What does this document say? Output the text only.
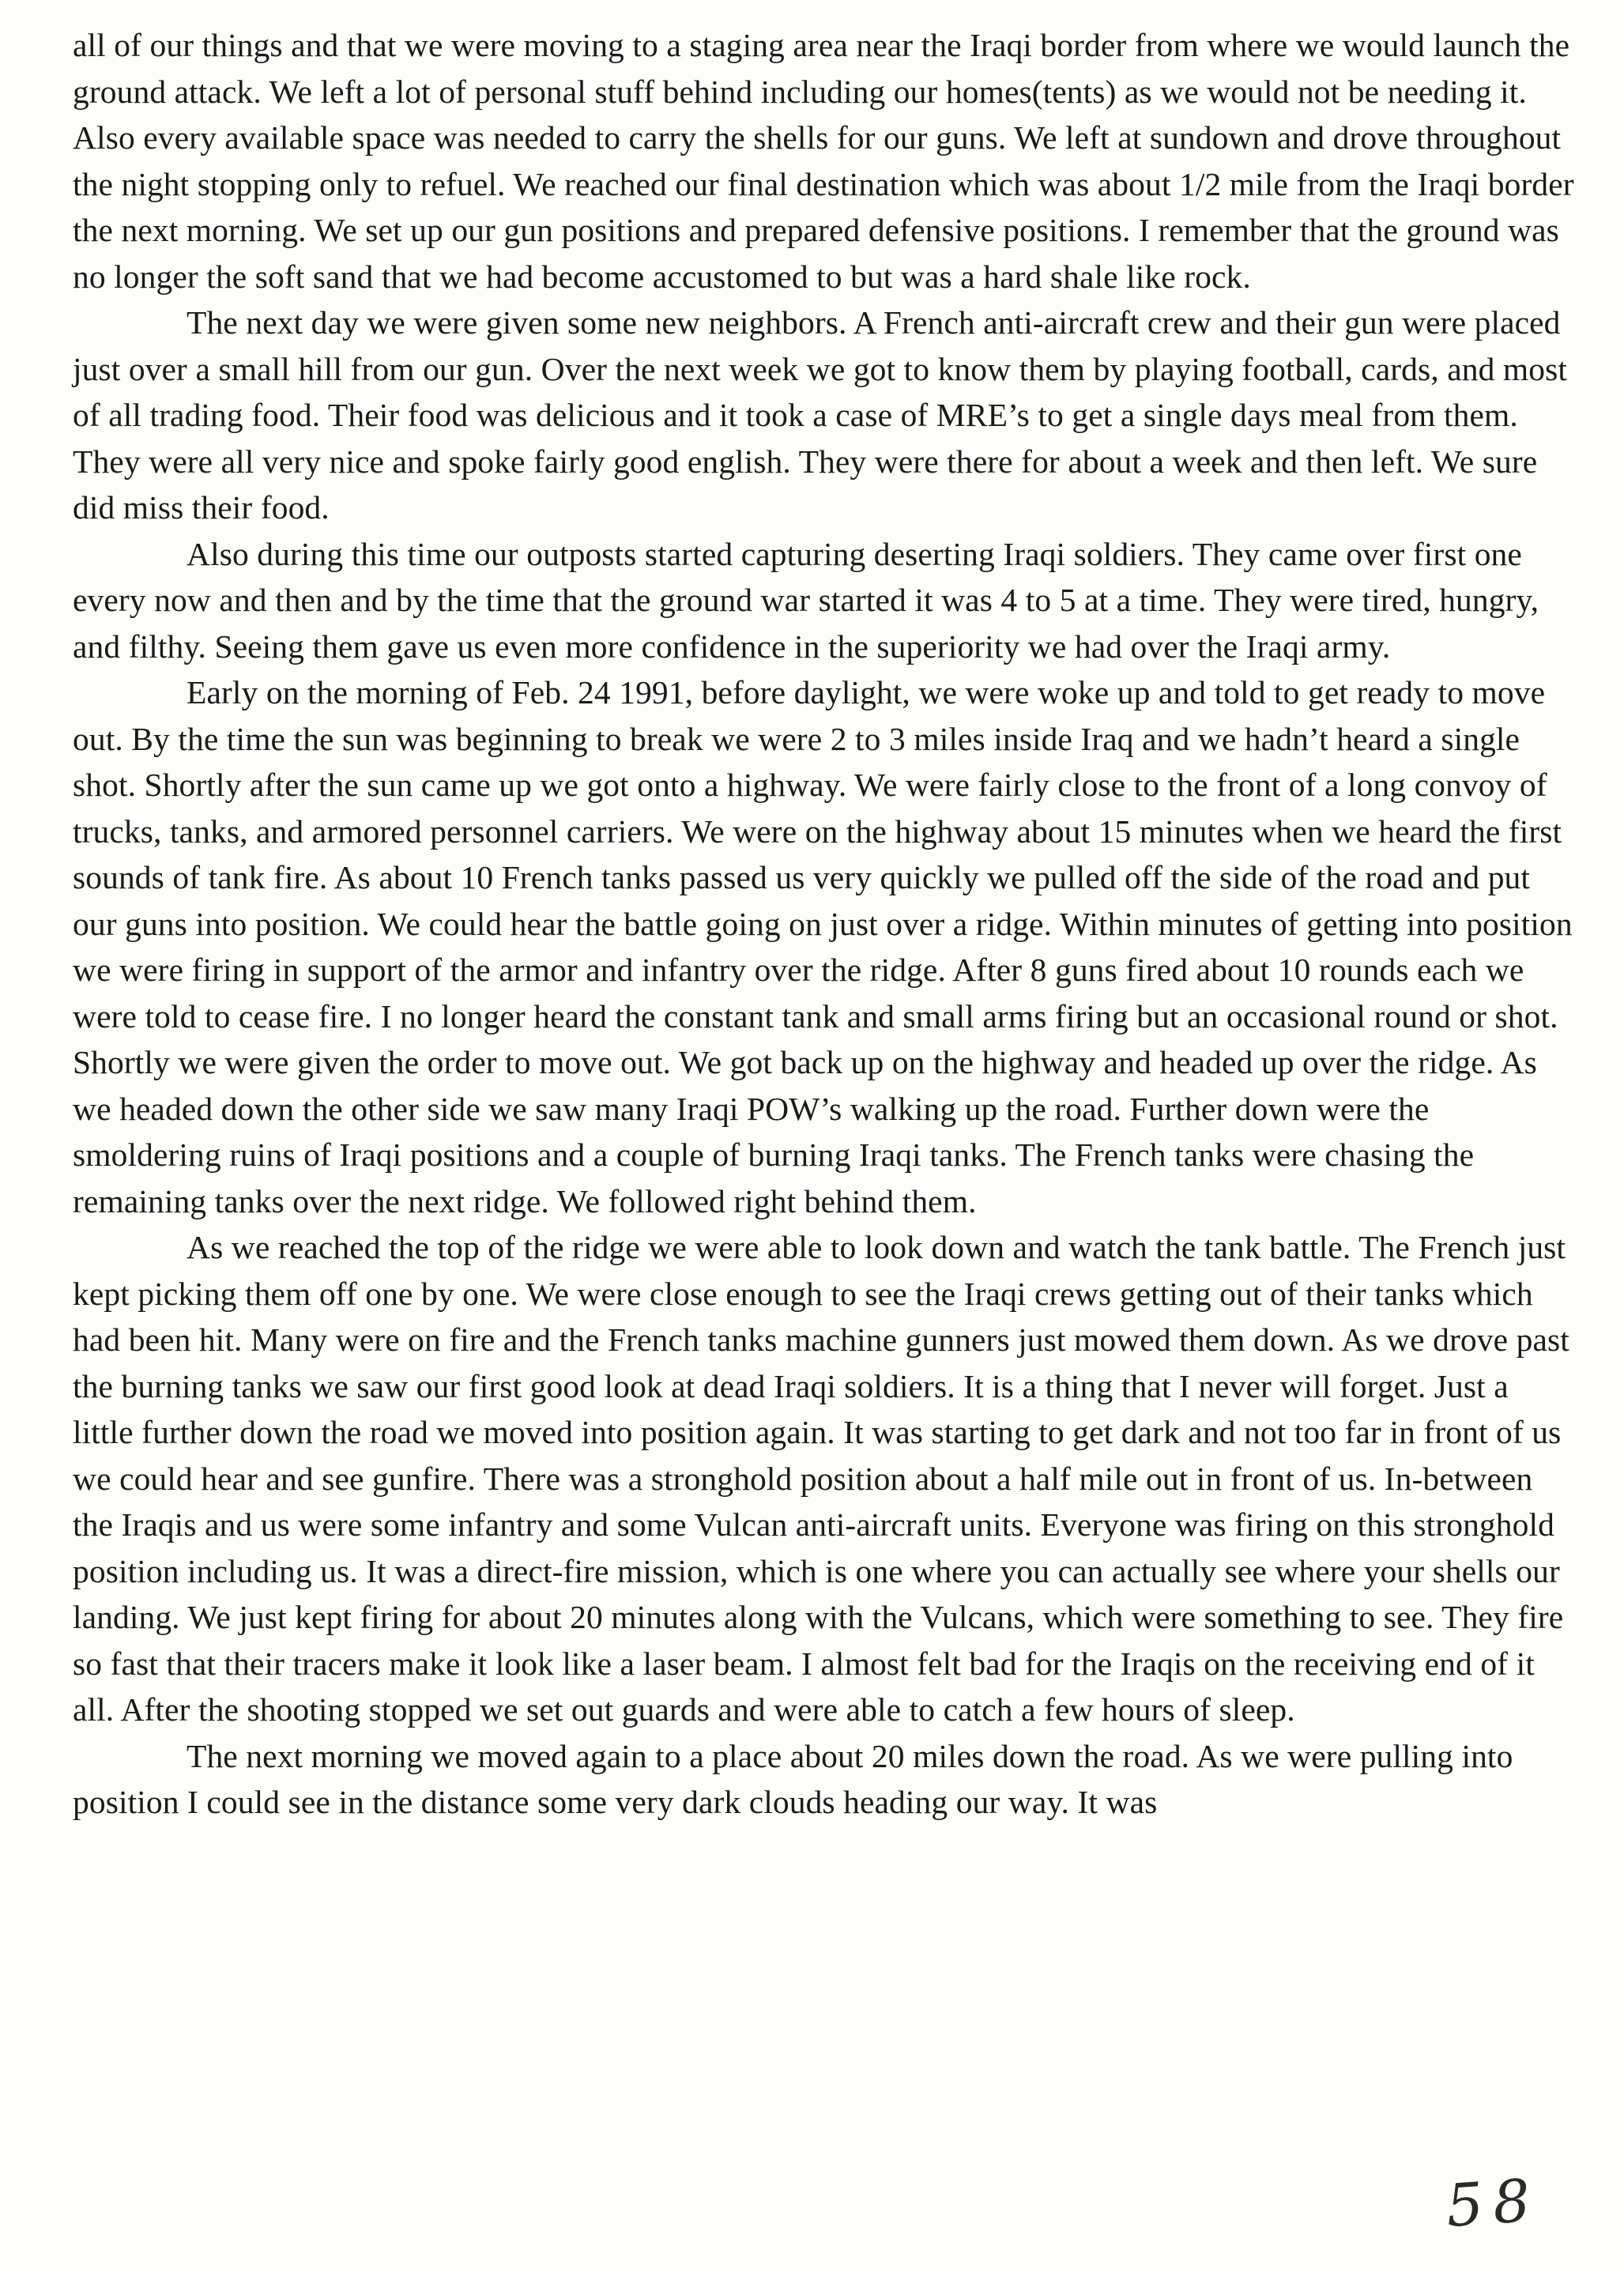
all of our things and that we were moving to a staging area near the Iraqi border from where we would launch the ground attack. We left a lot of personal stuff behind including our homes(tents) as we would not be needing it. Also every available space was needed to carry the shells for our guns. We left at sundown and drove throughout the night stopping only to refuel. We reached our final destination which was about 1/2 mile from the Iraqi border the next morning. We set up our gun positions and prepared defensive positions. I remember that the ground was no longer the soft sand that we had become accustomed to but was a hard shale like rock.

The next day we were given some new neighbors. A French anti-aircraft crew and their gun were placed just over a small hill from our gun. Over the next week we got to know them by playing football, cards, and most of all trading food. Their food was delicious and it took a case of MRE’s to get a single days meal from them. They were all very nice and spoke fairly good english. They were there for about a week and then left. We sure did miss their food.

Also during this time our outposts started capturing deserting Iraqi soldiers. They came over first one every now and then and by the time that the ground war started it was 4 to 5 at a time. They were tired, hungry, and filthy. Seeing them gave us even more confidence in the superiority we had over the Iraqi army.

Early on the morning of Feb. 24 1991, before daylight, we were woke up and told to get ready to move out. By the time the sun was beginning to break we were 2 to 3 miles inside Iraq and we hadn’t heard a single shot. Shortly after the sun came up we got onto a highway. We were fairly close to the front of a long convoy of trucks, tanks, and armored personnel carriers. We were on the highway about 15 minutes when we heard the first sounds of tank fire. As about 10 French tanks passed us very quickly we pulled off the side of the road and put our guns into position. We could hear the battle going on just over a ridge. Within minutes of getting into position we were firing in support of the armor and infantry over the ridge. After 8 guns fired about 10 rounds each we were told to cease fire. I no longer heard the constant tank and small arms firing but an occasional round or shot. Shortly we were given the order to move out. We got back up on the highway and headed up over the ridge. As we headed down the other side we saw many Iraqi POW’s walking up the road. Further down were the smoldering ruins of Iraqi positions and a couple of burning Iraqi tanks. The French tanks were chasing the remaining tanks over the next ridge. We followed right behind them.

As we reached the top of the ridge we were able to look down and watch the tank battle. The French just kept picking them off one by one. We were close enough to see the Iraqi crews getting out of their tanks which had been hit. Many were on fire and the French tanks machine gunners just mowed them down. As we drove past the burning tanks we saw our first good look at dead Iraqi soldiers. It is a thing that I never will forget. Just a little further down the road we moved into position again. It was starting to get dark and not too far in front of us we could hear and see gunfire. There was a stronghold position about a half mile out in front of us. In-between the Iraqis and us were some infantry and some Vulcan anti-aircraft units. Everyone was firing on this stronghold position including us. It was a direct-fire mission, which is one where you can actually see where your shells our landing. We just kept firing for about 20 minutes along with the Vulcans, which were something to see. They fire so fast that their tracers make it look like a laser beam. I almost felt bad for the Iraqis on the receiving end of it all. After the shooting stopped we set out guards and were able to catch a few hours of sleep.

The next morning we moved again to a place about 20 miles down the road. As we were pulling into position I could see in the distance some very dark clouds heading our way. It was

58
